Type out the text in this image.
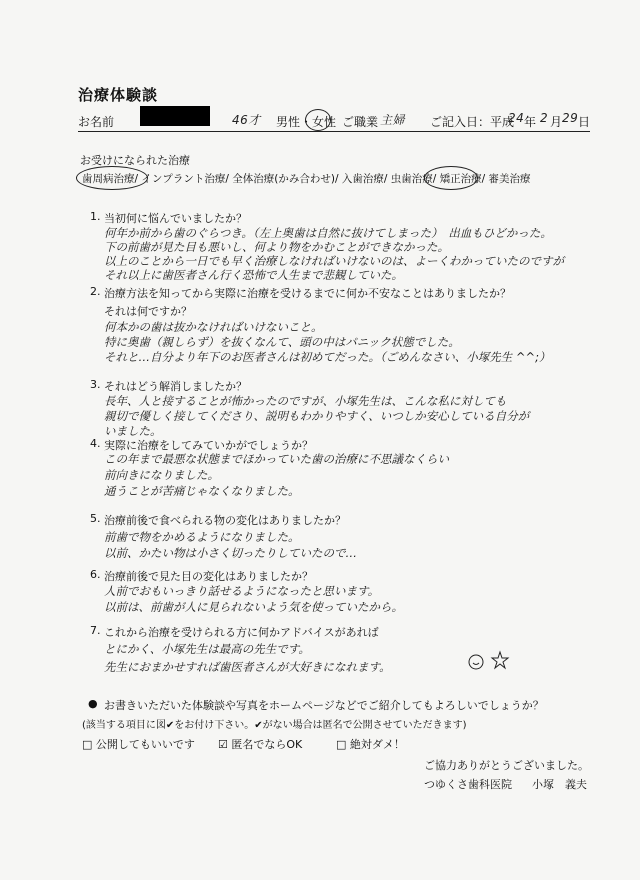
治療体験談
お名前	46才 男性・女性 ご職業 主婦 ご記入日：平成
24 年 2 月 29 日
お受けになられた治療
歯周病治療/ インプラント治療/ 全体治療(かみ合わせ)/ 入歯治療/ 虫歯治療/ 矯正治療/ 審美治療
1. 当初何に悩んでいましたか？
何年か前から歯のぐらつき。（左上奥歯は自然に抜けてしまった）　出血もひどかった。
下の前歯が見た目も悪いし、何より物をかむことができなかった。
以上のことから一日でも早く治療しなければいけないのは、よーくわかっていたのですが
それ以上に歯医者さん行く恐怖で人生まで悲観していた。
2. 治療方法を知ってから実際に治療を受けるまでに何か不安なことはありましたか？
それは何ですか？
何本かの歯は抜かなければいけないこと。
特に奥歯（親しらず）を抜くなんて、頭の中はパニック状態でした。
それと…自分より年下のお医者さんは初めてだった。（ごめんなさい、小塚先生 ^^;）
3. それはどう解消しましたか？
長年、人と接することが怖かったのですが、小塚先生は、こんな私に対しても
親切で優しく接してくださり、説明もわかりやすく、いつしか安心している自分が
いました。
4. 実際に治療をしてみていかがでしょうか？
この年まで最悪な状態までほかっていた歯の治療に不思議なくらい
前向きになりました。
通うことが苦痛じゃなくなりました。
5. 治療前後で食べられる物の変化はありましたか？
前歯で物をかめるようになりました。
以前、かたい物は小さく切ったりしていたので…
6. 治療前後で見た目の変化はありましたか？
人前でおもいっきり話せるようになったと思います。
以前は、前歯が人に見られないよう気を使っていたから。
7. これから治療を受けられる方に何かアドバイスがあれば
とにかく、小塚先生は最高の先生です。
先生におまかせすれば歯医者さんが大好きになれます。
● お書きいただいた体験談や写真をホームページなどでご紹介してもよろしいでしょうか？
(該当する項目に図✔をお付け下さい。✔がない場合は匿名で公開させていただきます)
□ 公開してもいいです ☑ 匿名でならOK	□ 絶対ダメ！
ご協力ありがとうございました。
つゆくさ歯科医院 小塚　義夫
